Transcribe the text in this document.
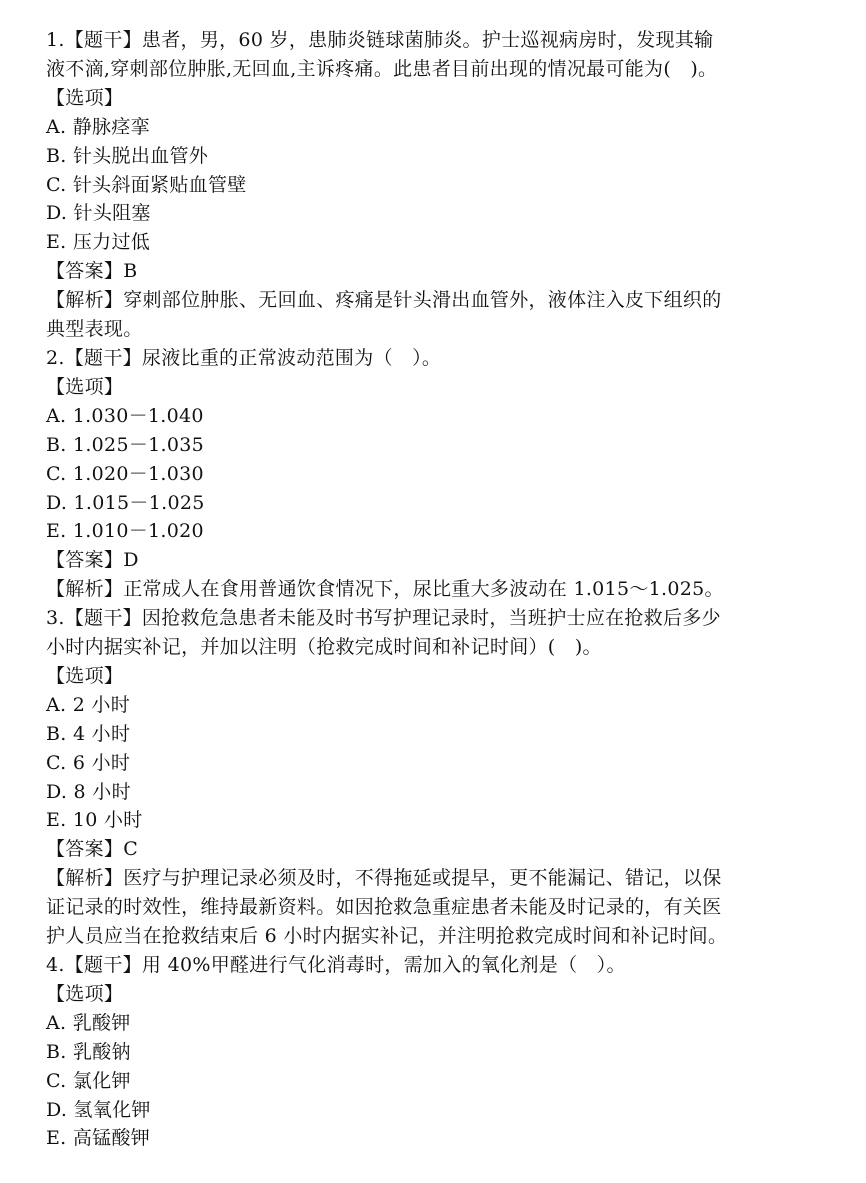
1.【题干】患者，男，60 岁，患肺炎链球菌肺炎。护士巡视病房时，发现其输
液不滴,穿刺部位肿胀,无回血,主诉疼痛。此患者目前出现的情况最可能为(　)。
【选项】
A. 静脉痉挛
B. 针头脱出血管外
C. 针头斜面紧贴血管壁
D. 针头阻塞
E. 压力过低
【答案】B
【解析】穿刺部位肿胀、无回血、疼痛是针头滑出血管外，液体注入皮下组织的
典型表现。
2.【题干】尿液比重的正常波动范围为（　）。
【选项】
A. 1.030－1.040
B. 1.025－1.035
C. 1.020－1.030
D. 1.015－1.025
E. 1.010－1.020
【答案】D
【解析】正常成人在食用普通饮食情况下，尿比重大多波动在 1.015～1.025。
3.【题干】因抢救危急患者未能及时书写护理记录时，当班护士应在抢救后多少
小时内据实补记，并加以注明（抢救完成时间和补记时间）(　)。
【选项】
A. 2 小时
B. 4 小时
C. 6 小时
D. 8 小时
E. 10 小时
【答案】C
【解析】医疗与护理记录必须及时，不得拖延或提早，更不能漏记、错记，以保
证记录的时效性，维持最新资料。如因抢救急重症患者未能及时记录的，有关医
护人员应当在抢救结束后 6 小时内据实补记，并注明抢救完成时间和补记时间。
4.【题干】用 40%甲醛进行气化消毒时，需加入的氧化剂是（　）。
【选项】
A. 乳酸钾
B. 乳酸钠
C. 氯化钾
D. 氢氧化钾
E. 高锰酸钾
